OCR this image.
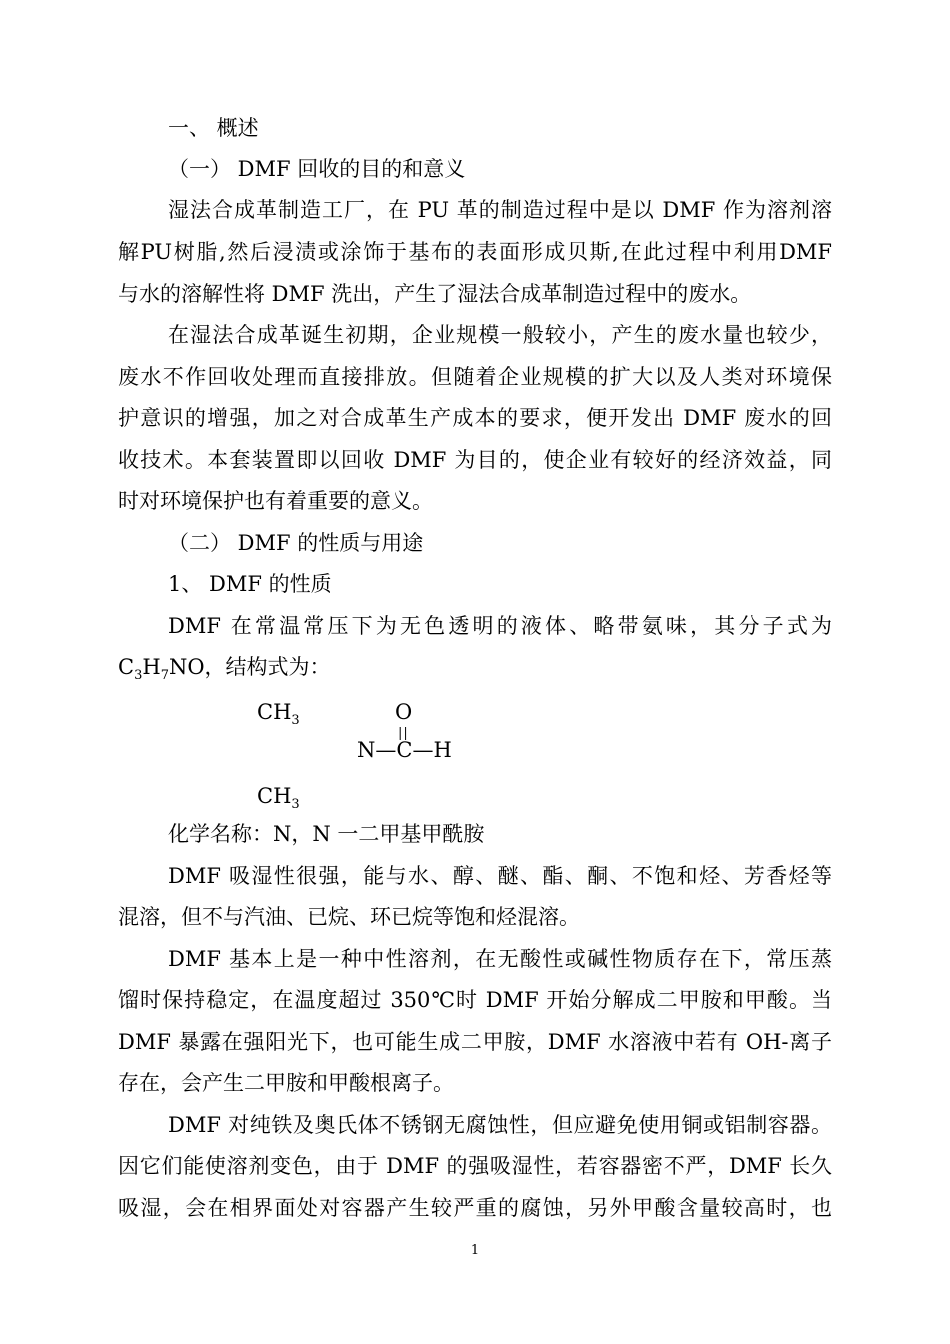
一、 概述
（一） DMF 回收的目的和意义
湿法合成革制造工厂，在 PU 革的制造过程中是以 DMF 作为溶剂溶
解PU树脂,然后浸渍或涂饰于基布的表面形成贝斯,在此过程中利用DMF
与水的溶解性将 DMF 洗出，产生了湿法合成革制造过程中的废水。
在湿法合成革诞生初期，企业规模一般较小，产生的废水量也较少，
废水不作回收处理而直接排放。但随着企业规模的扩大以及人类对环境保
护意识的增强，加之对合成革生产成本的要求，便开发出 DMF 废水的回
收技术。本套装置即以回收 DMF 为目的，使企业有较好的经济效益，同
时对环境保护也有着重要的意义。
（二） DMF 的性质与用途
1、 DMF 的性质
DMF 在常温常压下为无色透明的液体、略带氨味，其分子式为
$C_3H_7NO$，结构式为：
$CH_3$	O
||
N—C—H
$CH_3$
化学名称：N，N 一二甲基甲酰胺
DMF 吸湿性很强，能与水、醇、醚、酯、酮、不饱和烃、芳香烃等
混溶，但不与汽油、已烷、环已烷等饱和烃混溶。
DMF 基本上是一种中性溶剂，在无酸性或碱性物质存在下，常压蒸
馏时保持稳定，在温度超过 350℃时 DMF 开始分解成二甲胺和甲酸。当
DMF 暴露在强阳光下，也可能生成二甲胺，DMF 水溶液中若有 OH-离子
存在，会产生二甲胺和甲酸根离子。
DMF 对纯铁及奥氏体不锈钢无腐蚀性，但应避免使用铜或铝制容器。
因它们能使溶剂变色，由于 DMF 的强吸湿性，若容器密不严，DMF 长久
吸湿，会在相界面处对容器产生较严重的腐蚀，另外甲酸含量较高时，也
1
